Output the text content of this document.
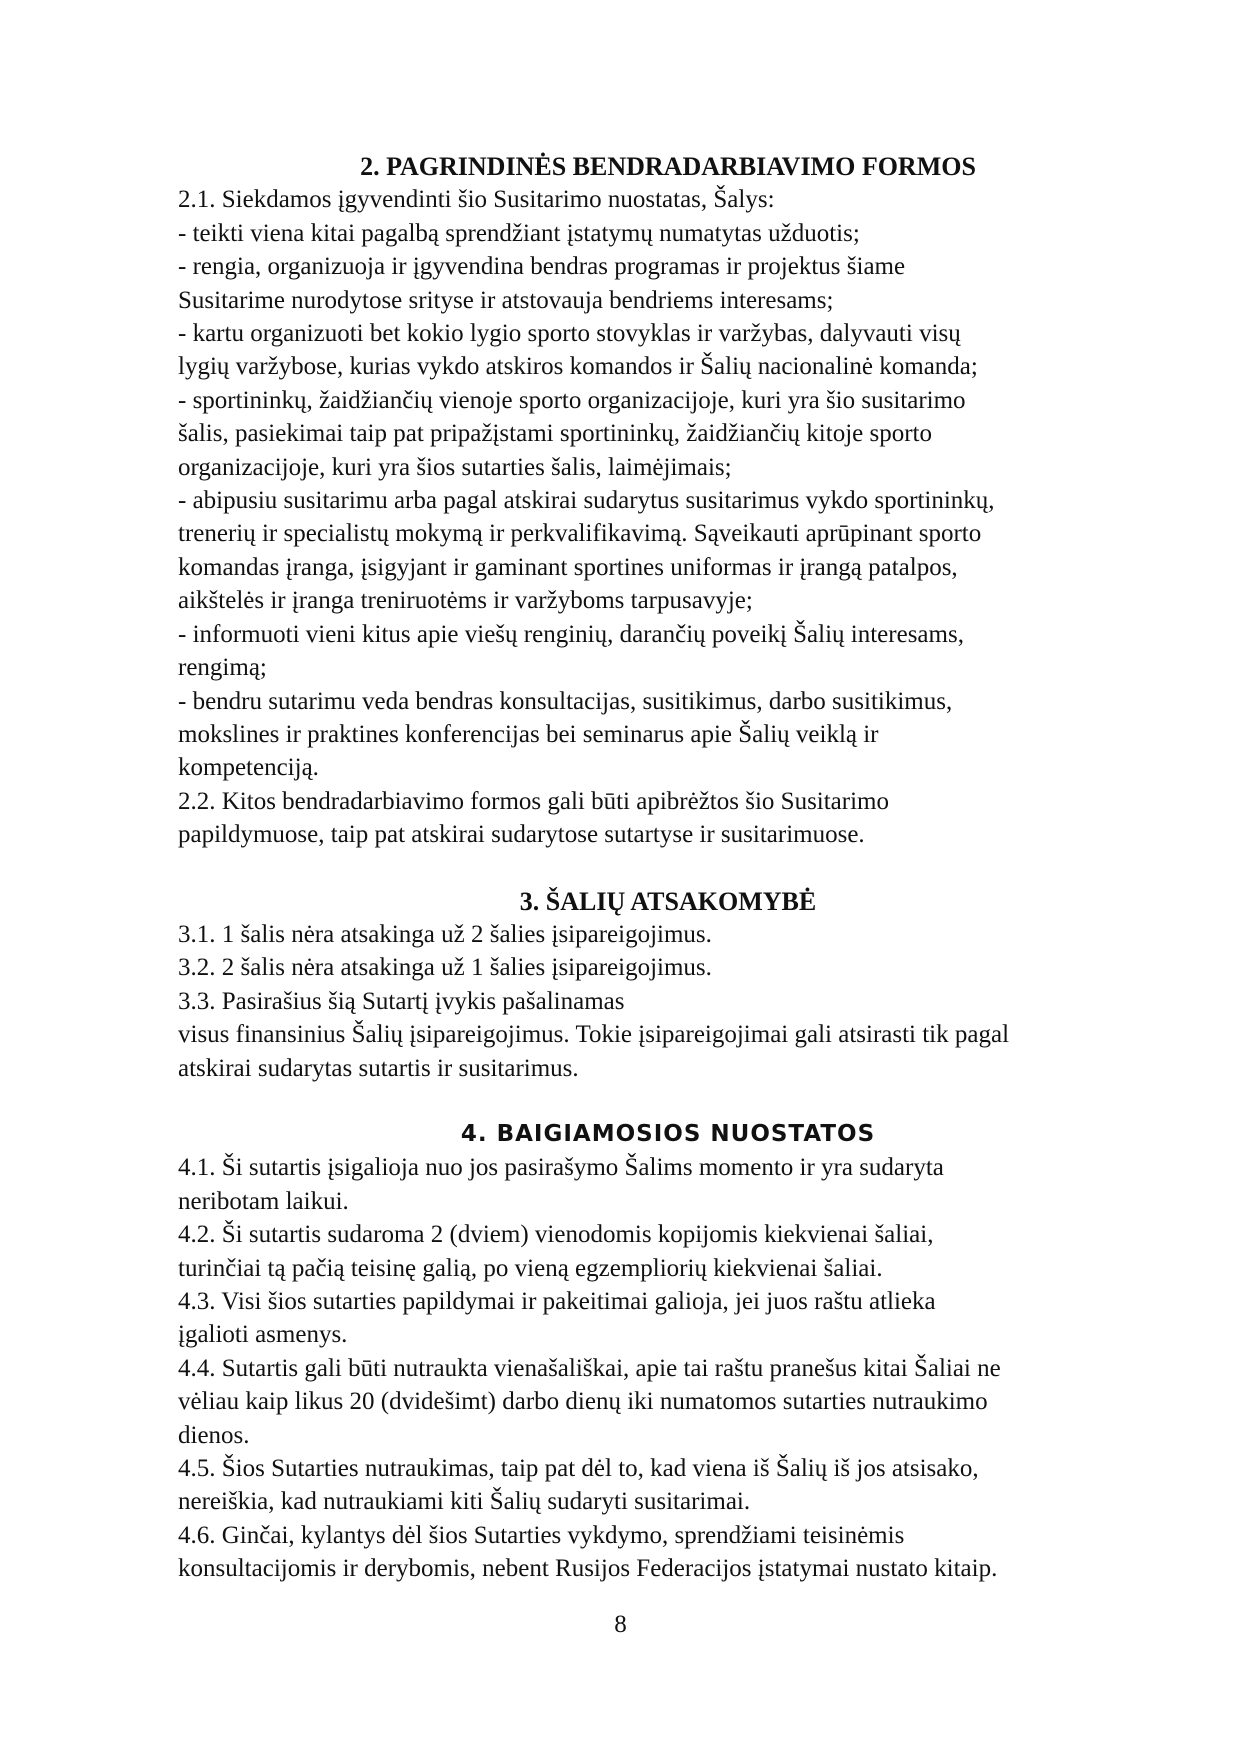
2. PAGRINDINĖS BENDRADARBIAVIMO FORMOS
2.1. Siekdamos įgyvendinti šio Susitarimo nuostatas, Šalys:
- teikti viena kitai pagalbą sprendžiant įstatymų numatytas užduotis;
- rengia, organizuoja ir įgyvendina bendras programas ir projektus šiame
Susitarime nurodytose srityse ir atstovauja bendriems interesams;
- kartu organizuoti bet kokio lygio sporto stovyklas ir varžybas, dalyvauti visų
lygių varžybose, kurias vykdo atskiros komandos ir Šalių nacionalinė komanda;
- sportininkų, žaidžiančių vienoje sporto organizacijoje, kuri yra šio susitarimo
šalis, pasiekimai taip pat pripažįstami sportininkų, žaidžiančių kitoje sporto
organizacijoje, kuri yra šios sutarties šalis, laimėjimais;
- abipusiu susitarimu arba pagal atskirai sudarytus susitarimus vykdo sportininkų,
trenerių ir specialistų mokymą ir perkvalifikavimą. Sąveikauti aprūpinant sporto
komandas įranga, įsigyjant ir gaminant sportines uniformas ir įrangą patalpos,
aikštelės ir įranga treniruotėms ir varžyboms tarpusavyje;
- informuoti vieni kitus apie viešų renginių, darančių poveikį Šalių interesams,
rengimą;
- bendru sutarimu veda bendras konsultacijas, susitikimus, darbo susitikimus,
mokslines ir praktines konferencijas bei seminarus apie Šalių veiklą ir
kompetenciją.
2.2. Kitos bendradarbiavimo formos gali būti apibrėžtos šio Susitarimo
papildymuose, taip pat atskirai sudarytose sutartyse ir susitarimuose.
3. ŠALIŲ ATSAKOMYBĖ
3.1. 1 šalis nėra atsakinga už 2 šalies įsipareigojimus.
3.2. 2 šalis nėra atsakinga už 1 šalies įsipareigojimus.
3.3. Pasirašius šią Sutartį įvykis pašalinamas
visus finansinius Šalių įsipareigojimus. Tokie įsipareigojimai gali atsirasti tik pagal
atskirai sudarytas sutartis ir susitarimus.
4. BAIGIAMOSIOS NUOSTATOS
4.1. Ši sutartis įsigalioja nuo jos pasirašymo Šalims momento ir yra sudaryta
neribotam laikui.
4.2. Ši sutartis sudaroma 2 (dviem) vienodomis kopijomis kiekvienai šaliai,
turinčiai tą pačią teisinę galią, po vieną egzempliorių kiekvienai šaliai.
4.3. Visi šios sutarties papildymai ir pakeitimai galioja, jei juos raštu atlieka
įgalioti asmenys.
4.4. Sutartis gali būti nutraukta vienašališkai, apie tai raštu pranešus kitai Šaliai ne
vėliau kaip likus 20 (dvidešimt) darbo dienų iki numatomos sutarties nutraukimo
dienos.
4.5. Šios Sutarties nutraukimas, taip pat dėl to, kad viena iš Šalių iš jos atsisako,
nereiškia, kad nutraukiami kiti Šalių sudaryti susitarimai.
4.6. Ginčai, kylantys dėl šios Sutarties vykdymo, sprendžiami teisinėmis
konsultacijomis ir derybomis, nebent Rusijos Federacijos įstatymai nustato kitaip.
8
